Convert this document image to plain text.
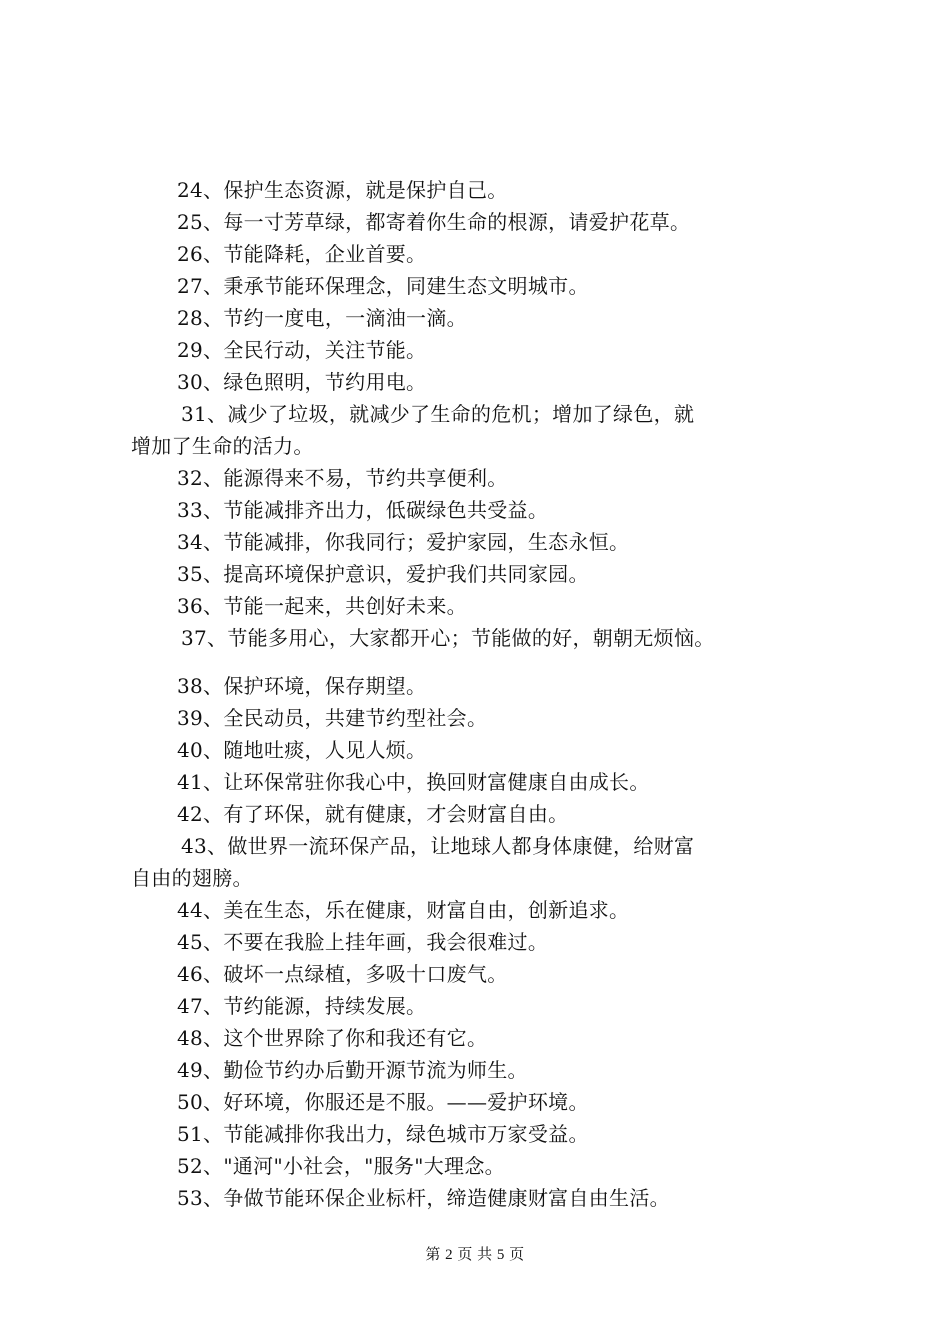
24、保护生态资源，就是保护自己。
25、每一寸芳草绿，都寄着你生命的根源，请爱护花草。
26、节能降耗，企业首要。
27、秉承节能环保理念，同建生态文明城市。
28、节约一度电，一滴油一滴。
29、全民行动，关注节能。
30、绿色照明，节约用电。
31、减少了垃圾，就减少了生命的危机；增加了绿色，就
增加了生命的活力。
32、能源得来不易，节约共享便利。
33、节能减排齐出力，低碳绿色共受益。
34、节能减排，你我同行；爱护家园，生态永恒。
35、提高环境保护意识，爱护我们共同家园。
36、节能一起来，共创好未来。
37、节能多用心，大家都开心；节能做的好，朝朝无烦恼。
38、保护环境，保存期望。
39、全民动员，共建节约型社会。
40、随地吐痰，人见人烦。
41、让环保常驻你我心中，换回财富健康自由成长。
42、有了环保，就有健康，才会财富自由。
43、做世界一流环保产品，让地球人都身体康健，给财富
自由的翅膀。
44、美在生态，乐在健康，财富自由，创新追求。
45、不要在我脸上挂年画，我会很难过。
46、破坏一点绿植，多吸十口废气。
47、节约能源，持续发展。
48、这个世界除了你和我还有它。
49、勤俭节约办后勤开源节流为师生。
50、好环境，你服还是不服。——爱护环境。
51、节能减排你我出力，绿色城市万家受益。
52、"通河"小社会，"服务"大理念。
53、争做节能环保企业标杆，缔造健康财富自由生活。
第 2 页 共 5 页
